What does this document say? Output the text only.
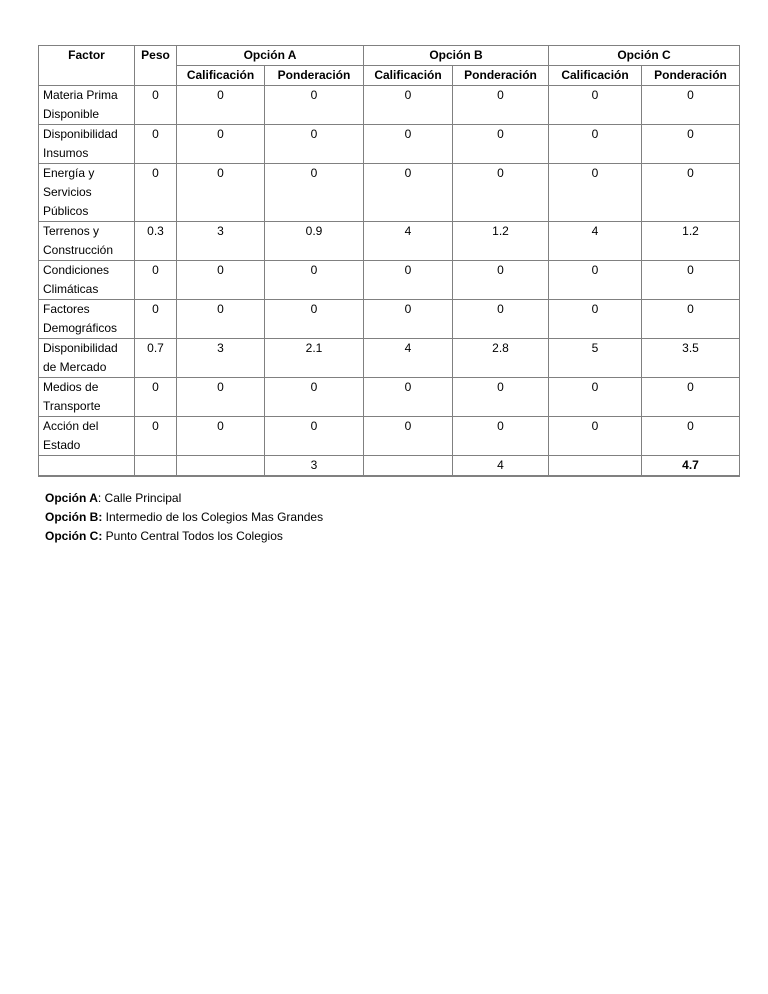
Factor	Peso	Opción A		Opción B		Opción C	
		Calificación	Ponderación	Calificación	Ponderación	Calificación	Ponderación
Materia Prima Disponible	0	0	0	0	0	0	0
Disponibilidad Insumos	0	0	0	0	0	0	0
Energía y Servicios Públicos	0	0	0	0	0	0	0
Terrenos y Construcción	0.3	3	0.9	4	1.2	4	1.2
Condiciones Climáticas	0	0	0	0	0	0	0
Factores Demográficos	0	0	0	0	0	0	0
Disponibilidad de Mercado	0.7	3	2.1	4	2.8	5	3.5
Medios de Transporte	0	0	0	0	0	0	0
Acción del Estado	0	0	0	0	0	0	0
			3		4		4.7
Opción A: Calle Principal
Opción B: Intermedio de los Colegios Mas Grandes
Opción C: Punto Central Todos los Colegios
